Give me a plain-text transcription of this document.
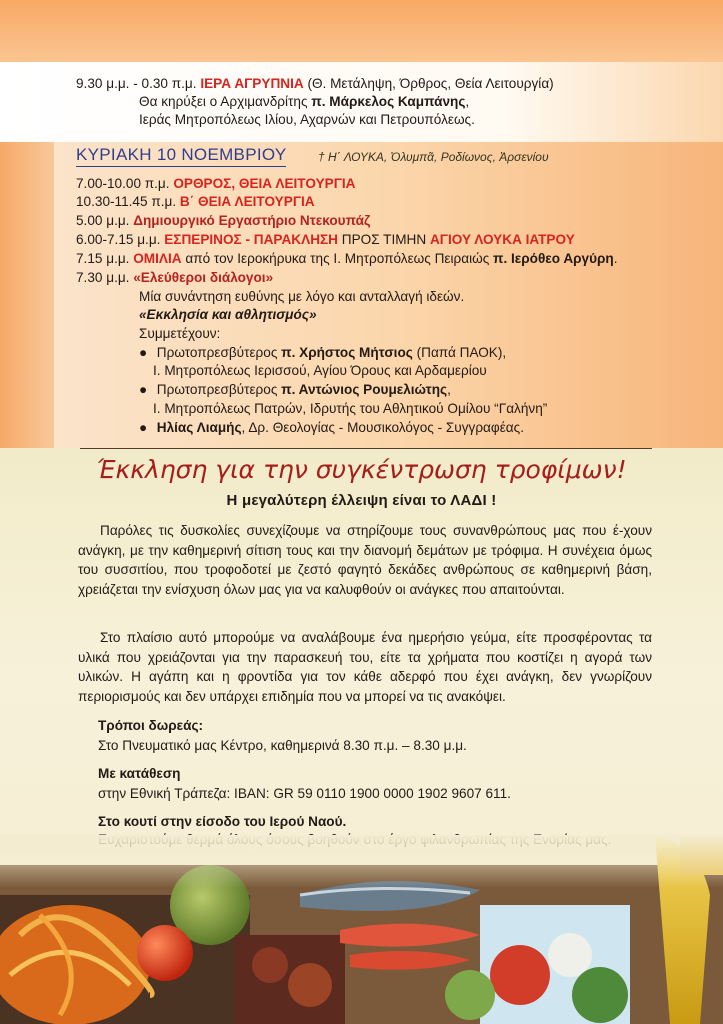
9.30 μ.μ. - 0.30 π.μ. ΙΕΡΑ ΑΓΡΥΠΝΙΑ (Θ. Μετάληψη, Όρθρος, Θεία Λειτουργία)
Θα κηρύξει ο Αρχιμανδρίτης π. Μάρκελος Καμπάνης,
Ιεράς Μητροπόλεως Ιλίου, Αχαρνών και Πετρουπόλεως.
ΚΥΡΙΑΚΗ 10 ΝΟΕΜΒΡΙΟΥ	† Η΄ ΛΟΥΚΑ, Ὀλυμπᾶ, Ροδίωνος, Ἀρσενίου
7.00-10.00 π.μ. ΟΡΘΡΟΣ, ΘΕΙΑ ΛΕΙΤΟΥΡΓΙΑ
10.30-11.45 π.μ. Β΄ ΘΕΙΑ ΛΕΙΤΟΥΡΓΙΑ
5.00 μ.μ. Δημιουργικό Εργαστήριο Ντεκουπάζ
6.00-7.15 μ.μ. ΕΣΠΕΡΙΝΟΣ - ΠΑΡΑΚΛΗΣΗ ΠΡΟΣ ΤΙΜΗΝ ΑΓΙΟΥ ΛΟΥΚΑ ΙΑΤΡΟΥ
7.15 μ.μ. ΟΜΙΛΙΑ από τον Ιεροκήρυκα της Ι. Μητροπόλεως Πειραιώς π. Ιερόθεο Αργύρη.
7.30 μ.μ. «Ελεύθεροι διάλογοι»
Μία συνάντηση ευθύνης με λόγο και ανταλλαγή ιδεών.
«Εκκλησία και αθλητισμός»
Συμμετέχουν:
● Πρωτοπρεσβύτερος π. Χρήστος Μήτσιος (Παπά ΠΑΟΚ),
Ι. Μητροπόλεως Ιερισσού, Αγίου Όρους και Αρδαμερίου
● Πρωτοπρεσβύτερος π. Αντώνιος Ρουμελιώτης,
Ι. Μητροπόλεως Πατρών, Ιδρυτής του Αθλητικού Ομίλου “Γαλήνη”
● Ηλίας Λιαμής, Δρ. Θεολογίας - Μουσικολόγος - Συγγραφέας.
Έκκληση για την συγκέντρωση τροφίμων!
Η μεγαλύτερη έλλειψη είναι το ΛΑΔΙ !
Παρόλες τις δυσκολίες συνεχίζουμε να στηρίζουμε τους συνανθρώπους μας που έ-χουν ανάγκη, με την καθημερινή σίτιση τους και την διανομή δεμάτων με τρόφιμα. Η συνέχεια όμως του συσσιτίου, που τροφοδοτεί με ζεστό φαγητό δεκάδες ανθρώπους σε καθημερινή βάση, χρειάζεται την ενίσχυση όλων μας για να καλυφθούν οι ανάγκες που απαιτούνται.
Στο πλαίσιο αυτό μπορούμε να αναλάβουμε ένα ημερήσιο γεύμα, είτε προσφέροντας τα υλικά που χρειάζονται για την παρασκευή του, είτε τα χρήματα που κοστίζει η αγορά των υλικών. Η αγάπη και η φροντίδα για τον κάθε αδερφό που έχει ανάγκη, δεν γνωρίζουν περιορισμούς και δεν υπάρχει επιδημία που να μπορεί να τις ανακόψει.
Τρόποι δωρεάς:
Στο Πνευματικό μας Κέντρο, καθημερινά 8.30 π.μ. – 8.30 μ.μ.
Με κατάθεση
στην Εθνική Τράπεζα: IBAN: GR 59 0110 1900 0000 1902 9607 611.
Στο κουτί στην είσοδο του Ιερού Ναού.
